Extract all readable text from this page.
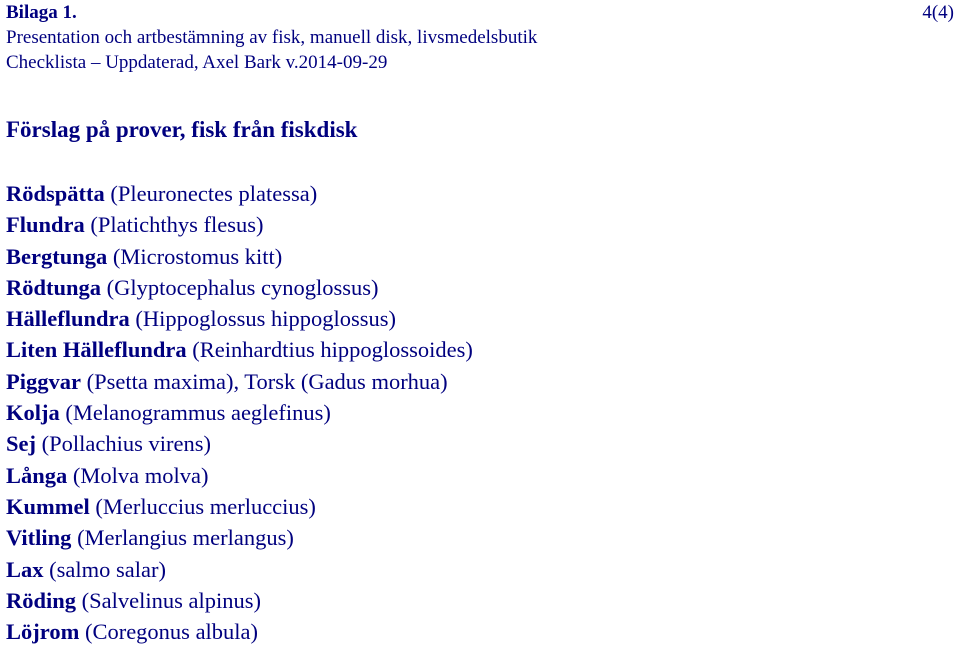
Bilaga 1.	4(4)
Presentation och artbestämning av fisk, manuell disk, livsmedelsbutik
Checklista – Uppdaterad, Axel Bark v.2014-09-29
Förslag på prover, fisk från fiskdisk
Rödspätta (Pleuronectes platessa)
Flundra (Platichthys flesus)
Bergtunga (Microstomus kitt)
Rödtunga (Glyptocephalus cynoglossus)
Hälleflundra (Hippoglossus hippoglossus)
Liten Hälleflundra (Reinhardtius hippoglossoides)
Piggvar (Psetta maxima), Torsk (Gadus morhua)
Kolja (Melanogrammus aeglefinus)
Sej (Pollachius virens)
Långa (Molva molva)
Kummel (Merluccius merluccius)
Vitling (Merlangius merlangus)
Lax (salmo salar)
Röding (Salvelinus alpinus)
Löjrom (Coregonus albula)
